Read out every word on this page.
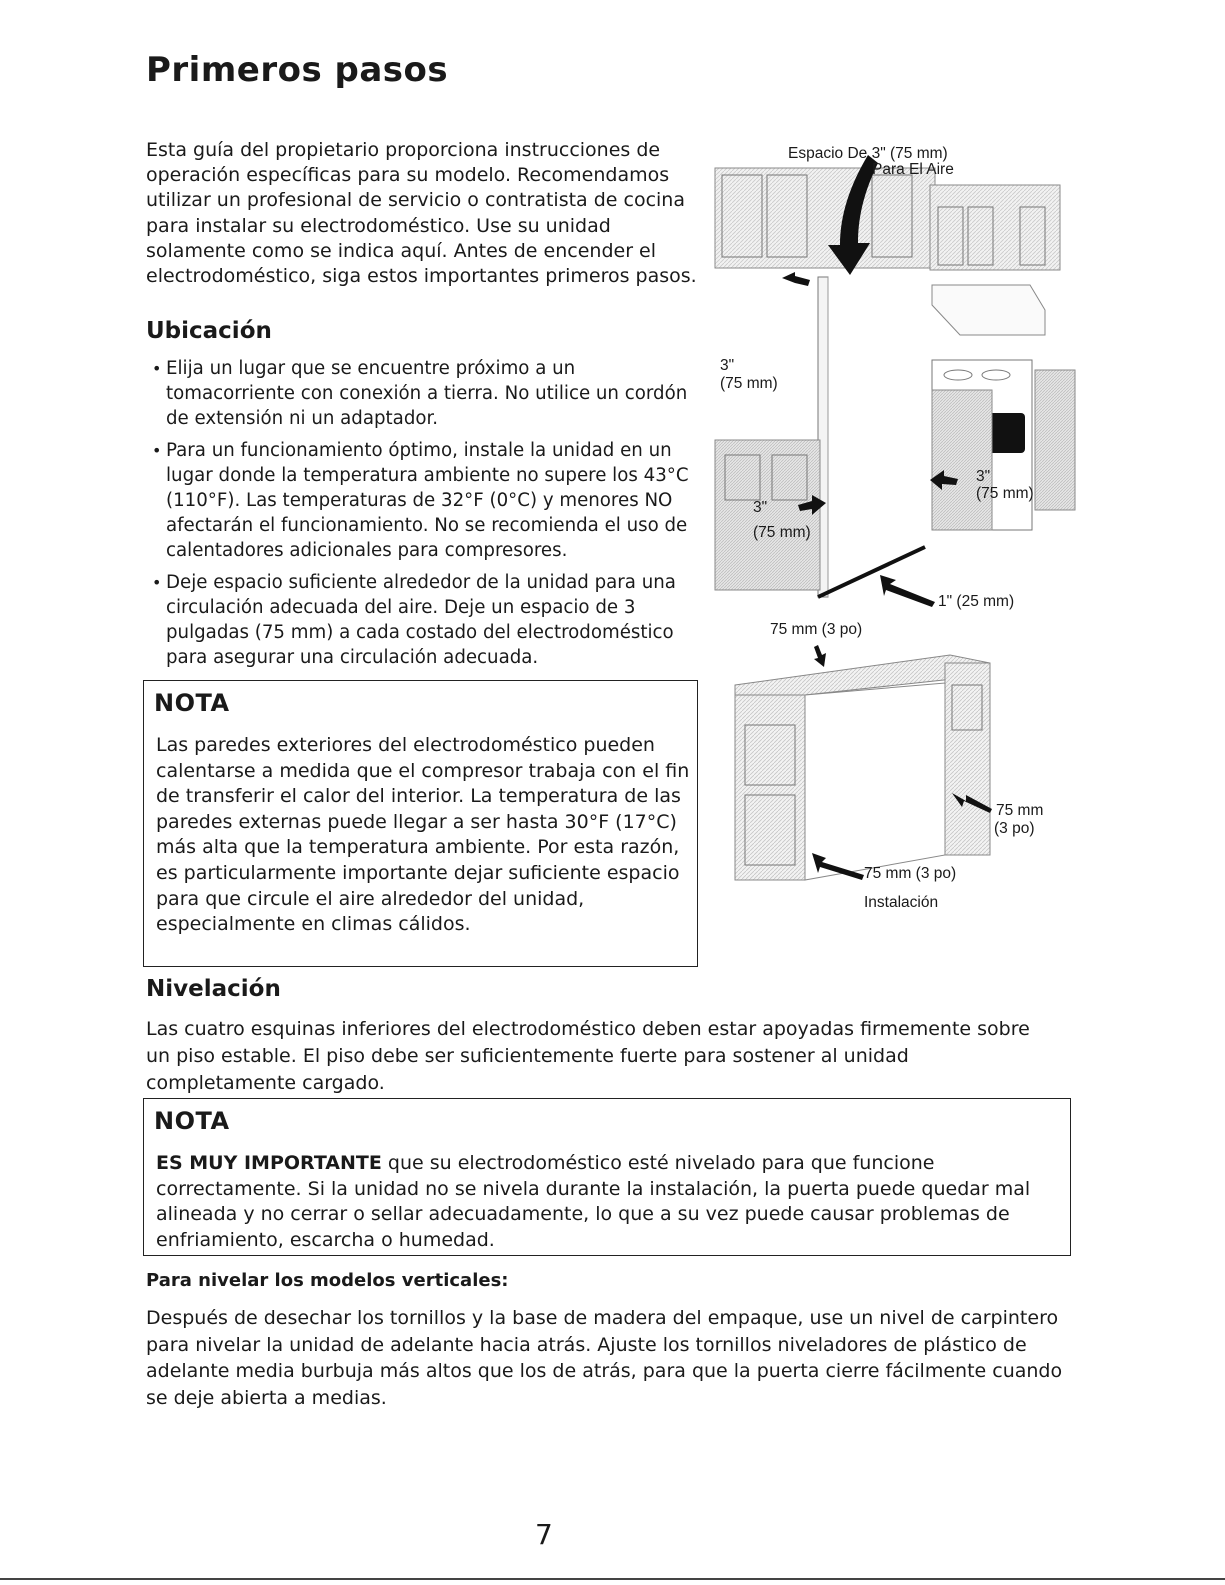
Primeros pasos

Esta guía del propietario proporciona instrucciones de operación específicas para su modelo. Recomendamos utilizar un profesional de servicio o contratista de cocina para instalar su electrodoméstico. Use su unidad solamente como se indica aquí. Antes de encender el electrodoméstico, siga estos importantes primeros pasos.

Ubicación
• Elija un lugar que se encuentre próximo a un tomacorriente con conexión a tierra. No utilice un cordón de extensión ni un adaptador.
• Para un funcionamiento óptimo, instale la unidad en un lugar donde la temperatura ambiente no supere los 43°C (110°F). Las temperaturas de 32°F (0°C) y menores NO afectarán el funcionamiento. No se recomienda el uso de calentadores adicionales para compresores.
• Deje espacio suficiente alrededor de la unidad para una circulación adecuada del aire. Deje un espacio de 3 pulgadas (75 mm) a cada costado del electrodoméstico para asegurar una circulación adecuada.

NOTA

Las paredes exteriores del electrodoméstico pueden calentarse a medida que el compresor trabaja con el fin de transferir el calor del interior. La temperatura de las paredes externas puede llegar a ser hasta 30°F (17°C) más alta que la temperatura ambiente. Por esta razón, es particularmente importante dejar suficiente espacio para que circule el aire alrededor del unidad, especialmente en climas cálidos.

Espacio De 3" (75 mm)
Para El Aire
3"
(75 mm)
3"
(75 mm)
3"
(75 mm)
1" (25 mm)
75 mm (3 po)
75 mm
(3 po)
75 mm (3 po)
Instalación
Nivelación

Las cuatro esquinas inferiores del electrodoméstico deben estar apoyadas firmemente sobre un piso estable. El piso debe ser suficientemente fuerte para sostener al unidad completamente cargado.

NOTA

ES MUY IMPORTANTE que su electrodoméstico esté nivelado para que funcione correctamente. Si la unidad no se nivela durante la instalación, la puerta puede quedar mal alineada y no cerrar o sellar adecuadamente, lo que a su vez puede causar problemas de enfriamiento, escarcha o humedad.

Para nivelar los modelos verticales:

Después de desechar los tornillos y la base de madera del empaque, use un nivel de carpintero para nivelar la unidad de adelante hacia atrás. Ajuste los tornillos niveladores de plástico de adelante media burbuja más altos que los de atrás, para que la puerta cierre fácilmente cuando se deje abierta a medias.

7
